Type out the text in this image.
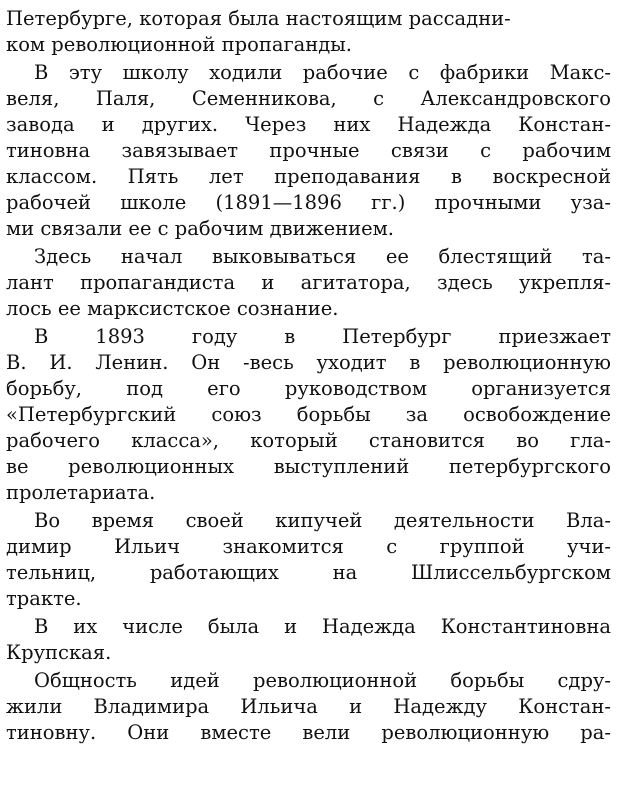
Петербурге, которая была настоящим рассадни-
ком революционной пропаганды.
В эту школу ходили рабочие с фабрики Макс-
веля, Паля, Семенникова, с Александровского
завода и других. Через них Надежда Констан-
тиновна завязывает прочные связи с рабочим
классом. Пять лет преподавания в воскресной
рабочей школе (1891—1896 гг.) прочными уза-
ми связали ее с рабочим движением.
Здесь начал выковываться ее блестящий та-
лант пропагандиста и агитатора, здесь укрепля-
лось ее марксистское сознание.
В 1893 году в Петербург приезжает
В. И. Ленин. Он -весь уходит в революционную
борьбу, под его руководством организуется
«Петербургский союз борьбы за освобождение
рабочего класса», который становится во гла-
ве революционных выступлений петербургского
пролетариата.
Во время своей кипучей деятельности Вла-
димир Ильич знакомится с группой учи-
тельниц, работающих на Шлиссельбургском
тракте.
В их числе была и Надежда Константиновна
Крупская.
Общность идей революционной борьбы сдру-
жили Владимира Ильича и Надежду Констан-
тиновну. Они вместе вели революционную ра-
